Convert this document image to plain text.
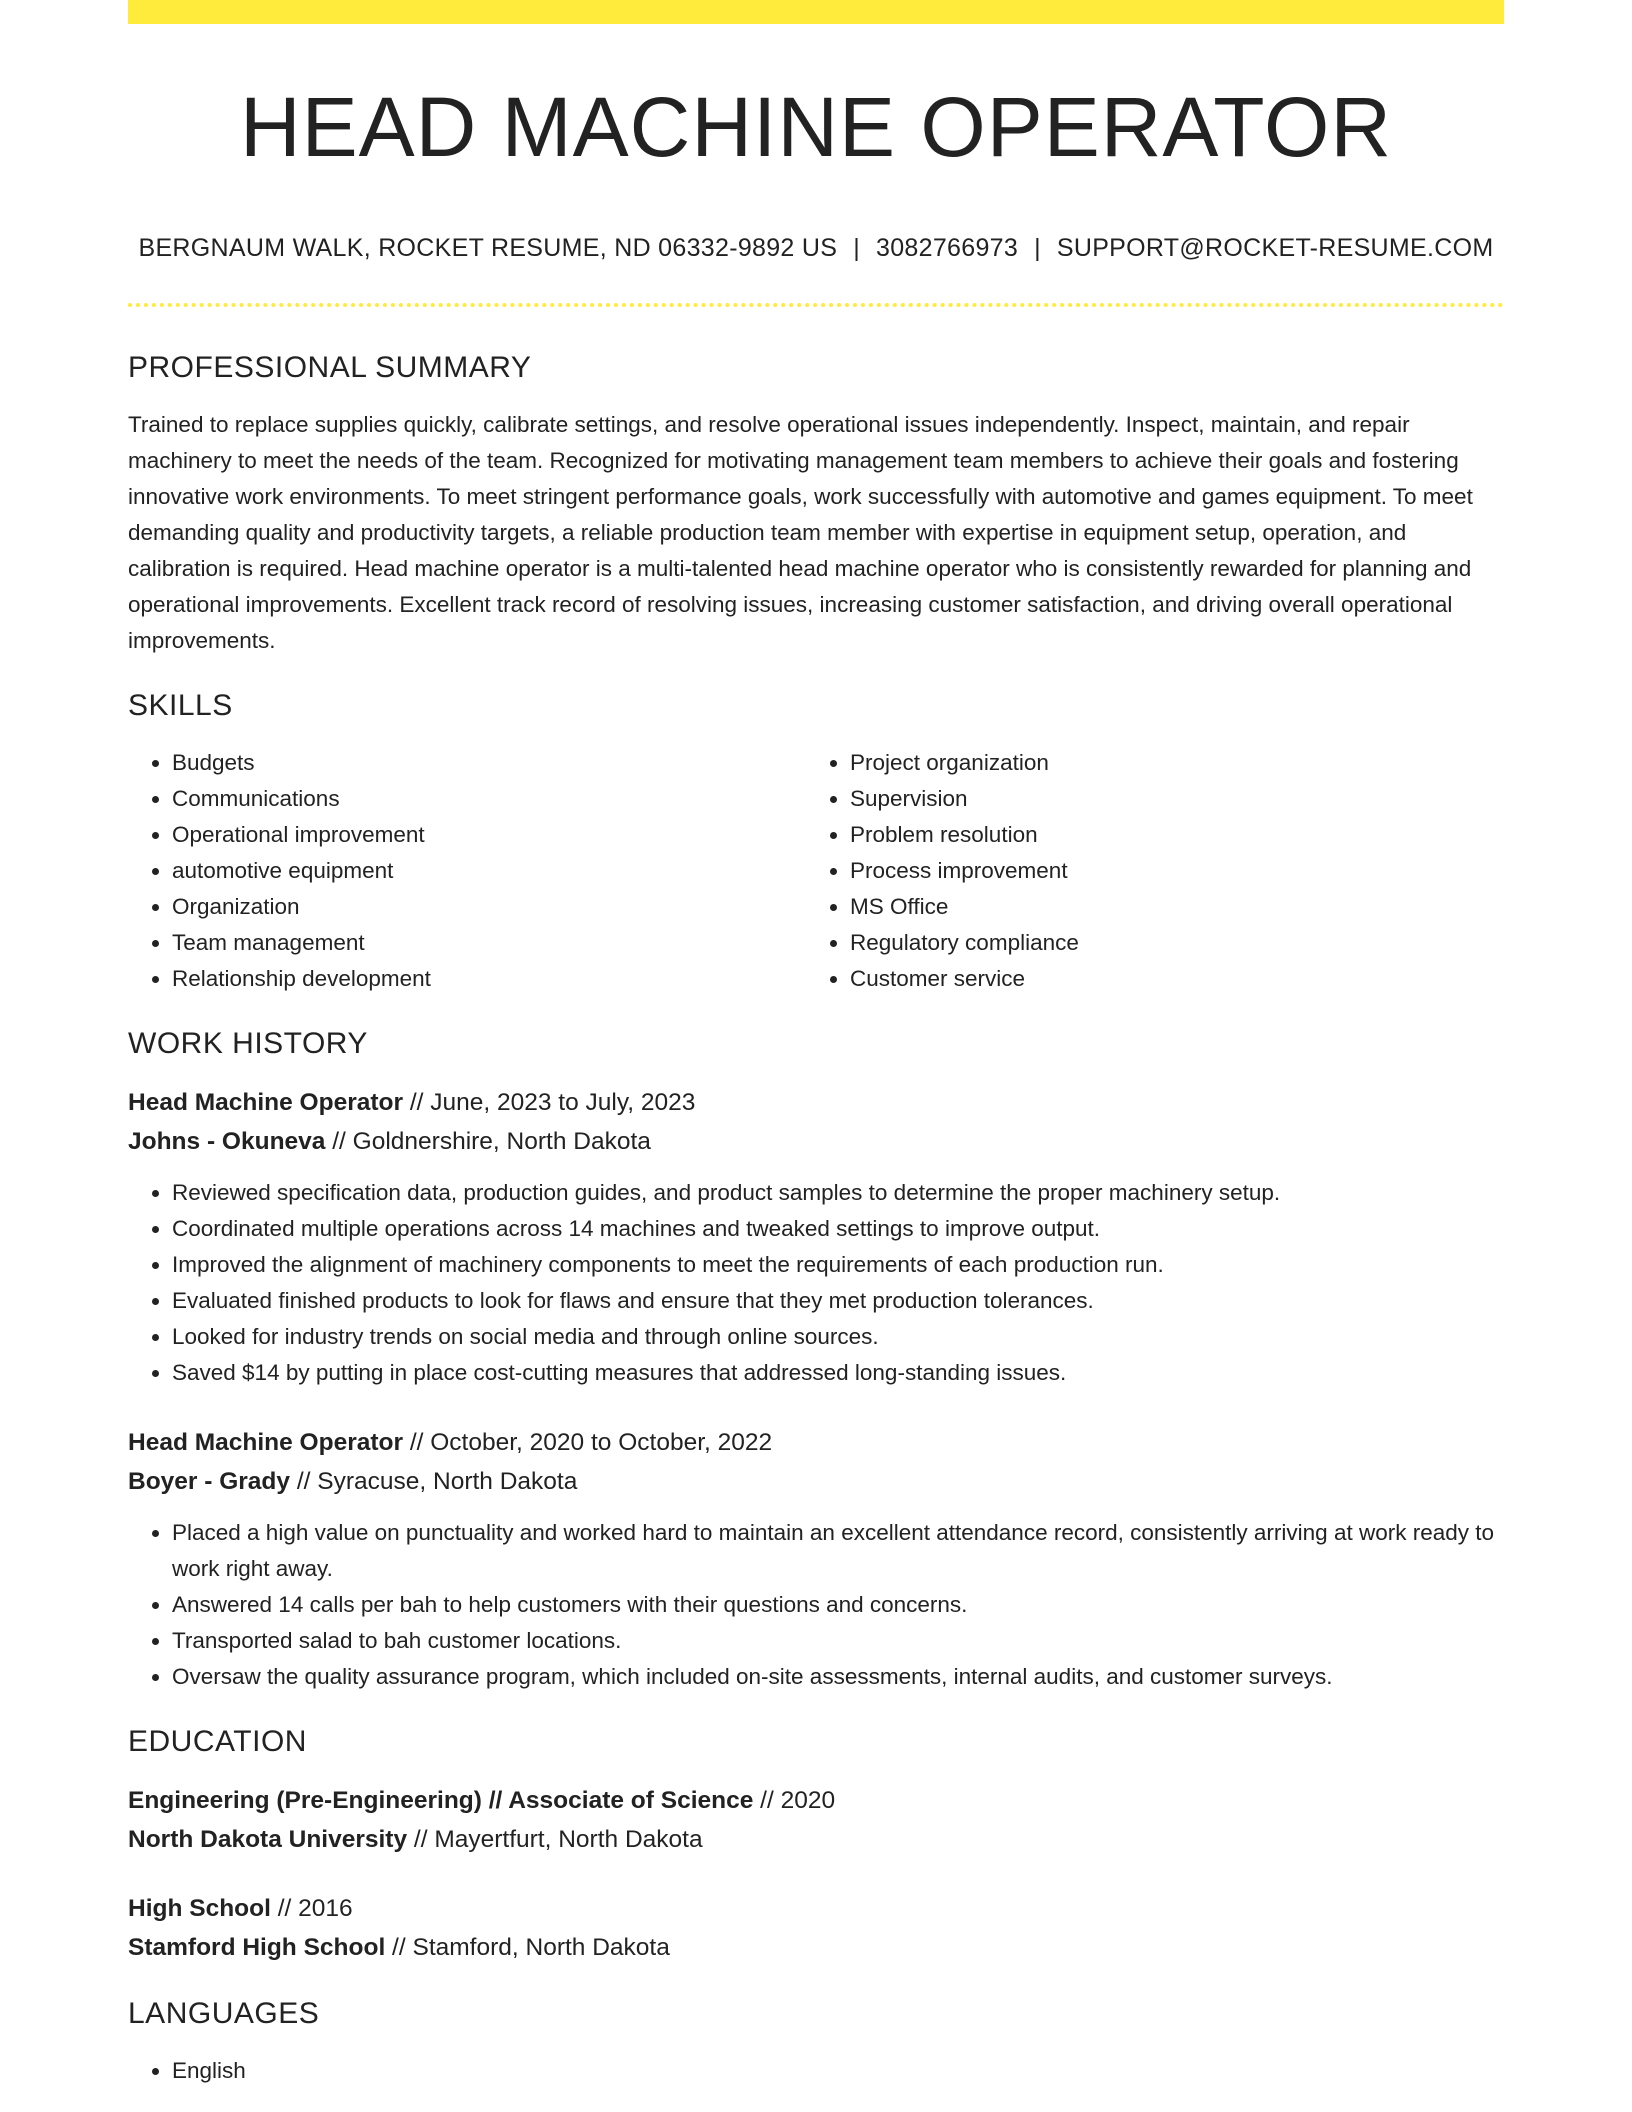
HEAD MACHINE OPERATOR
BERGNAUM WALK, ROCKET RESUME, ND 06332-9892 US | 3082766973 | SUPPORT@ROCKET-RESUME.COM
PROFESSIONAL SUMMARY
Trained to replace supplies quickly, calibrate settings, and resolve operational issues independently. Inspect, maintain, and repair machinery to meet the needs of the team. Recognized for motivating management team members to achieve their goals and fostering innovative work environments. To meet stringent performance goals, work successfully with automotive and games equipment. To meet demanding quality and productivity targets, a reliable production team member with expertise in equipment setup, operation, and calibration is required. Head machine operator is a multi-talented head machine operator who is consistently rewarded for planning and operational improvements. Excellent track record of resolving issues, increasing customer satisfaction, and driving overall operational improvements.
SKILLS
• Budgets
• Communications
• Operational improvement
• automotive equipment
• Organization
• Team management
• Relationship development
• Project organization
• Supervision
• Problem resolution
• Process improvement
• MS Office
• Regulatory compliance
• Customer service
WORK HISTORY
Head Machine Operator // June, 2023 to July, 2023
Johns - Okuneva // Goldnershire, North Dakota
• Reviewed specification data, production guides, and product samples to determine the proper machinery setup.
• Coordinated multiple operations across 14 machines and tweaked settings to improve output.
• Improved the alignment of machinery components to meet the requirements of each production run.
• Evaluated finished products to look for flaws and ensure that they met production tolerances.
• Looked for industry trends on social media and through online sources.
• Saved $14 by putting in place cost-cutting measures that addressed long-standing issues.
Head Machine Operator // October, 2020 to October, 2022
Boyer - Grady // Syracuse, North Dakota
• Placed a high value on punctuality and worked hard to maintain an excellent attendance record, consistently arriving at work ready to work right away.
• Answered 14 calls per bah to help customers with their questions and concerns.
• Transported salad to bah customer locations.
• Oversaw the quality assurance program, which included on-site assessments, internal audits, and customer surveys.
EDUCATION
Engineering (Pre-Engineering) // Associate of Science // 2020
North Dakota University // Mayertfurt, North Dakota
High School // 2016
Stamford High School // Stamford, North Dakota
LANGUAGES
• English
